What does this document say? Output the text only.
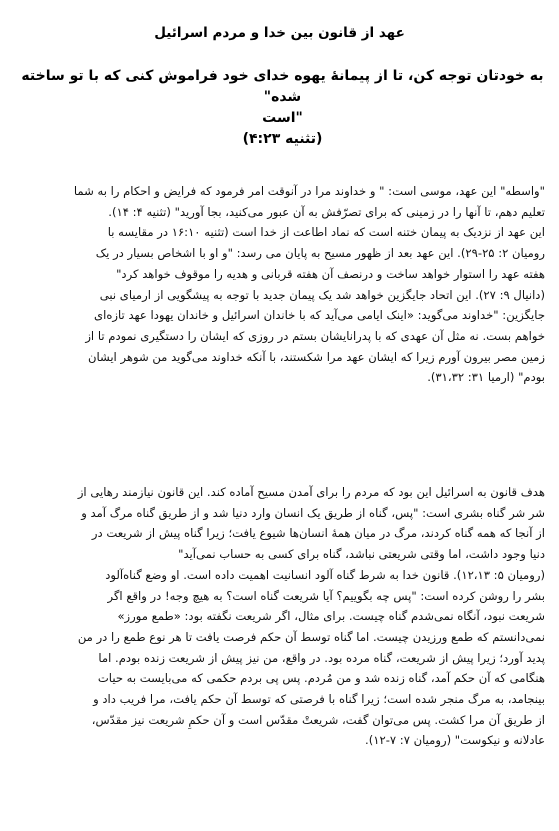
عهد از قانون بین خدا و مردم اسرائیل
به خودتان توجه کن، تا از پیمانۀ یهوه خدای خود فراموش کنی که با تو ساخته شده"
"است
(تثنیه ۴:۲۳)
"واسطه" این عهد، موسی است: " و خداوند مرا در آنوقت امر فرمود که فرایض و احکام را به شما
تعلیم دهم، تا آنها را در زمینی که برای تصرّفش به آن عبور می‌کنید، بجا آورید" (تثنیه ۴: ۱۴).
این عهد از نزدیک به پیمان ختنه است که نماد اطاعت از خدا است (تثنیه ۱۶:۱۰ در مقایسه با
رومیان ۲: ۲۵-۲۹). این عهد بعد از ظهور مسیح به پایان می رسد: "و او با اشخاص بسیار در یک
هفته عهد را استوار خواهد ساخت و درنصف آن هفته قربانی و هدیه را موقوف خواهد کرد"
(دانیال ۹: ۲۷). این اتحاد جایگزین خواهد شد یک پیمان جدید با توجه به پیشگویی از ارمیای نبی
جایگزین: "خداوند می‌گوید: «اینک ایامی می‌آید که با خاندان اسرائیل و خاندان یهودا عهد تازه‌ای
خواهم بست. نه مثل آن عهدی که با پدرانایشان بستم در روزی که ایشان را دستگیری نمودم تا از
زمین مصر بیرون آورم زیرا که ایشان عهد مرا شکستند، با آنکه خداوند می‌گوید من شوهر ایشان
بودم" (ارمیا ۳۱: ۳۱،۳۲).
هدف قانون به اسرائیل این بود که مردم را برای آمدن مسیح آماده کند. این قانون نیازمند رهایی از
شر شر گناه بشری است: "پس، گناه از طریق یک انسان وارد دنیا شد و از طریق گناه مرگ آمد و
از آنجا که همه گناه کردند، مرگ در میان همۀ انسان‌ها شیوع یافت؛ زیرا گناه پیش از شریعت در
دنیا وجود داشت، اما وقتی شریعتی نباشد، گناه برای کسی به حساب نمی‌آید"
(رومیان ۵: ۱۲،۱۳). قانون خدا به شرط گناه آلود انسانیت اهمیت داده است. او وضع گناه‌آلود
بشر را روشن کرده است: "پس چه بگوییم؟ آیا شریعت گناه است؟ به هیچ وجه! در واقع اگر
شریعت نبود، آنگاه نمی‌شدم گناه چیست. برای مثال، اگر شریعت نگفته بود: «طمع مورز»
نمی‌دانستم که طمع ورزیدن چیست. اما گناه توسط آن حکم فرصت یافت تا هر نوع طمع را در من
پدید آورد؛ زیرا پیش از شریعت، گناه مرده بود. در واقع، من نیز پیش از شریعت زنده بودم. اما
هنگامی که آن حکم آمد، گناه زنده شد و من مُردم. پس پی بردم حکمی که می‌بایست به حیات
بینجامد، به مرگ منجر شده است؛ زیرا گناه با فرصتی که توسط آن حکم یافت، مرا فریب داد و
از طریق آن مرا کشت. پس می‌توان گفت، شریعتْ مقدّس است و آن حکمِ شریعت نیز مقدّس،
عادلانه و نیکوست" (رومیان ۷: ۷-۱۲).
